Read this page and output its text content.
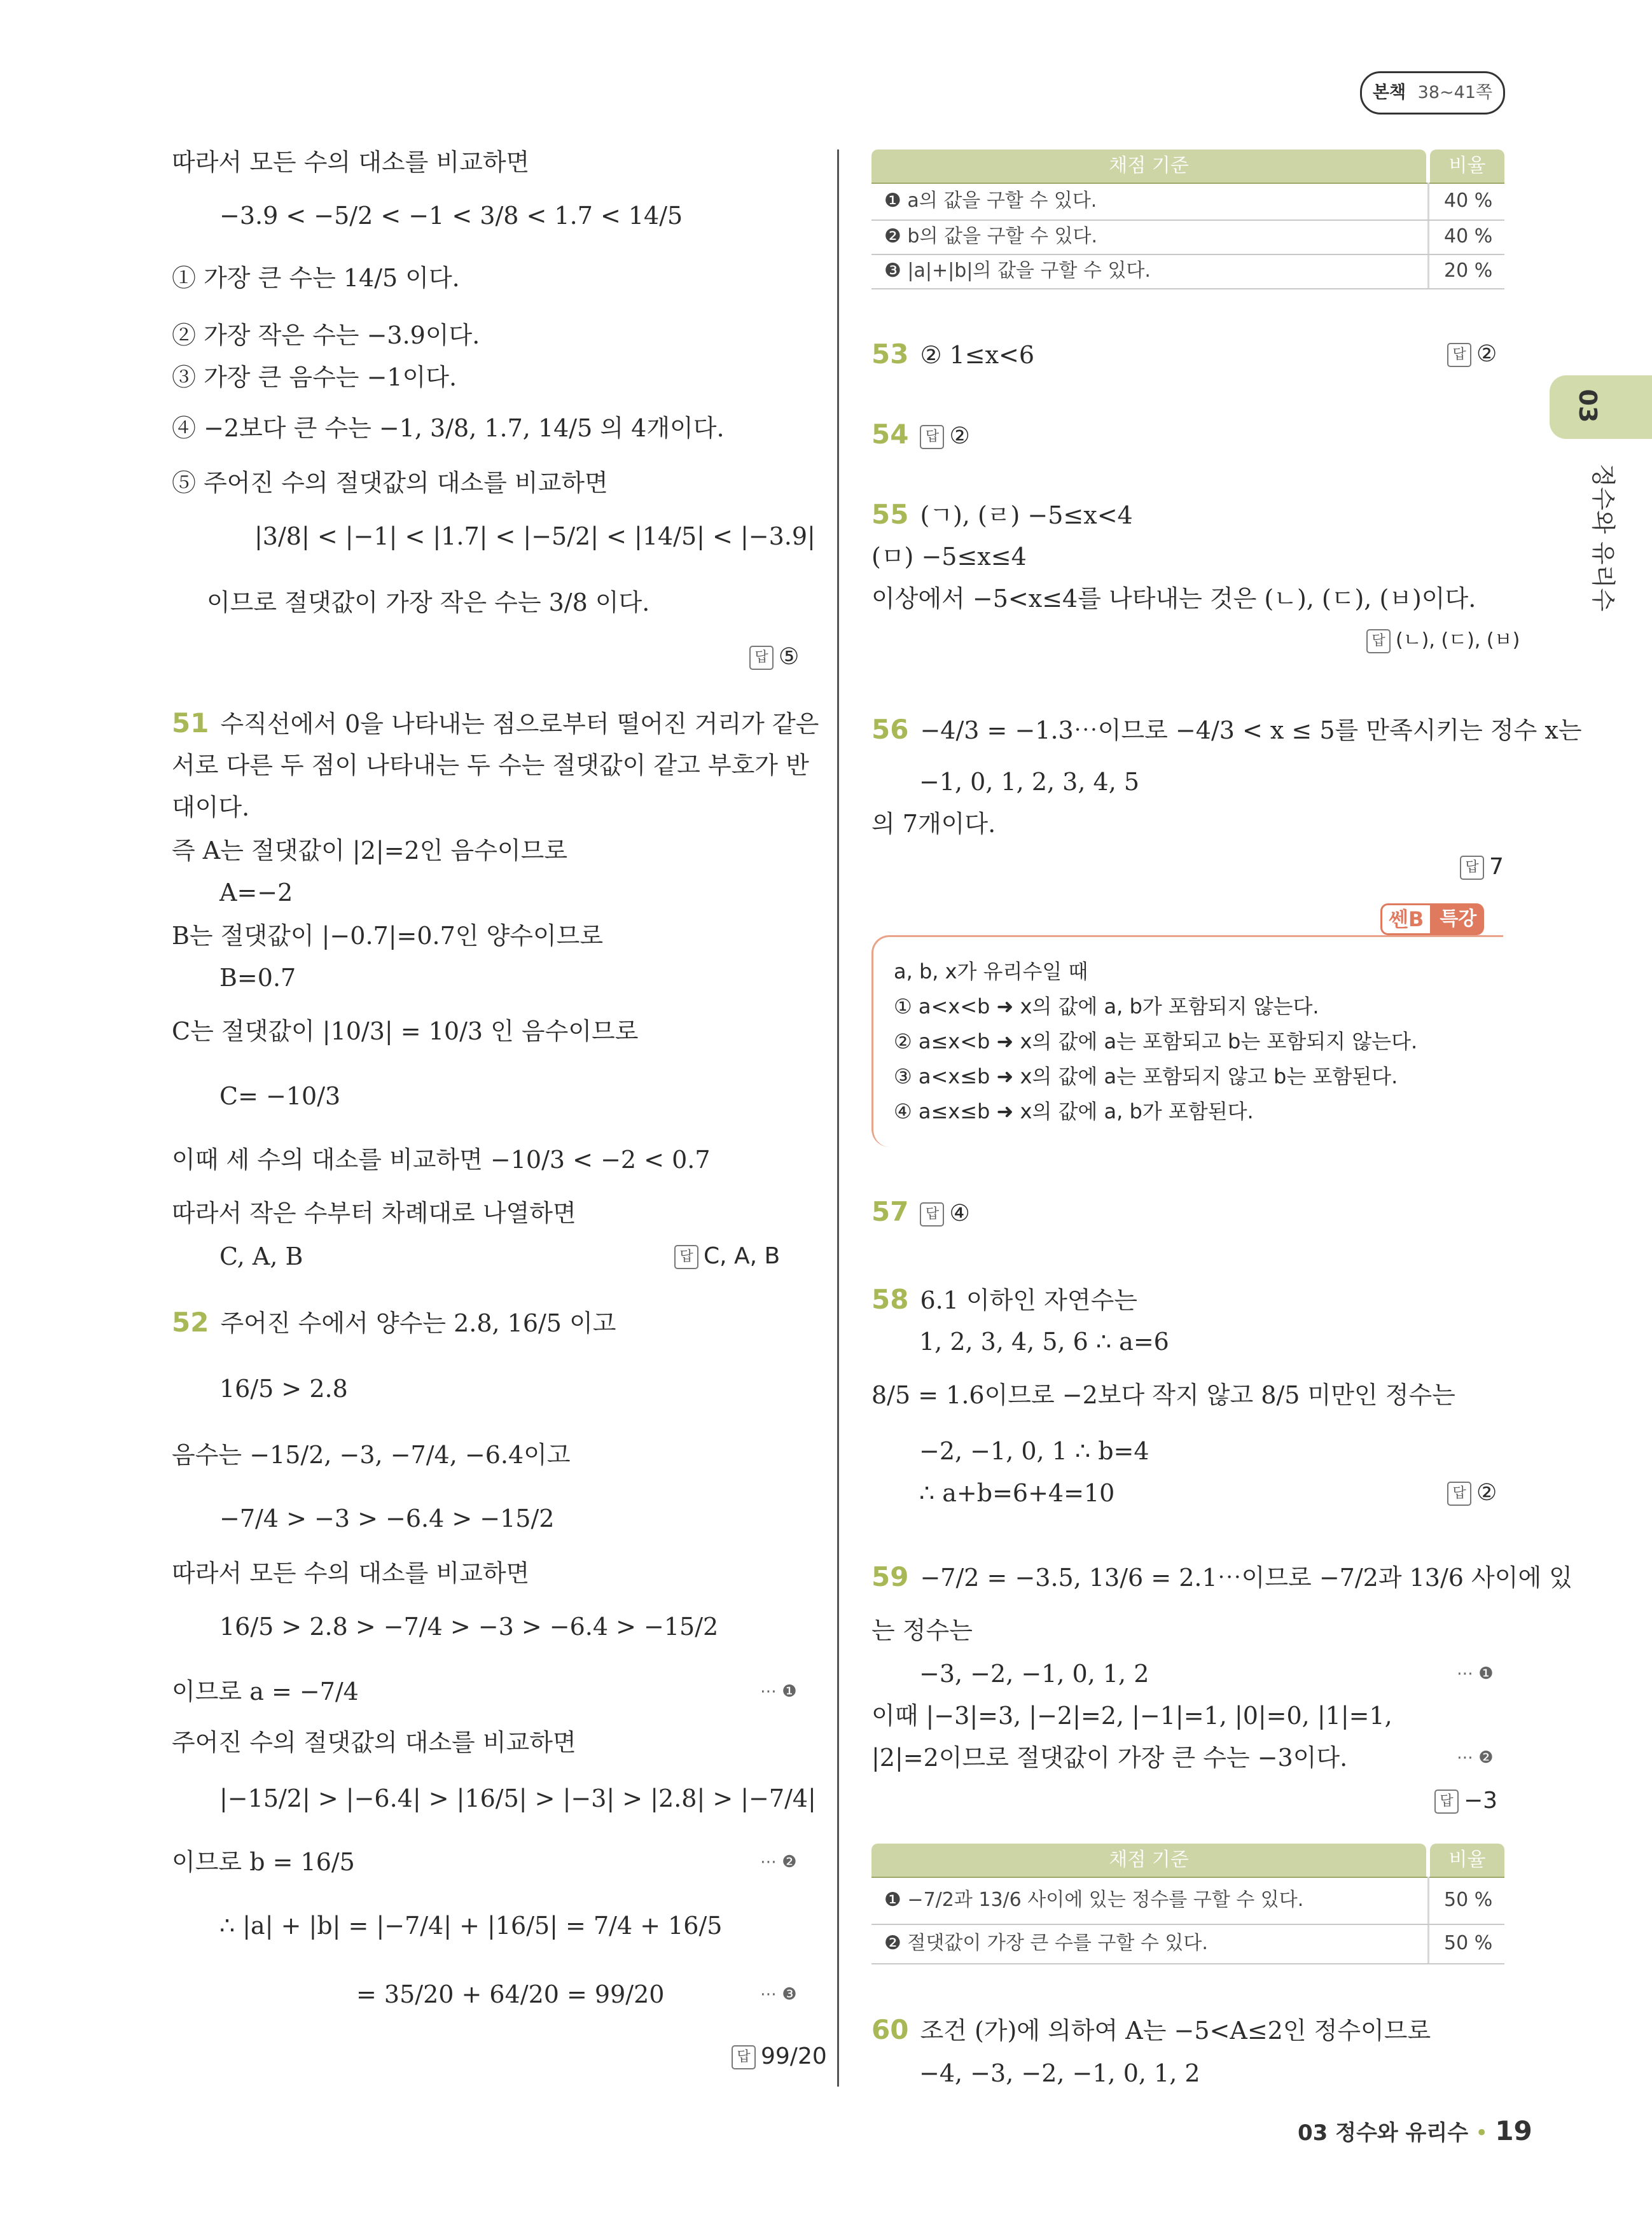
본책 38~41쪽
03
정수와 유리수
따라서 모든 수의 대소를 비교하면
−3.9 < −5/2 < −1 < 3/8 < 1.7 < 14/5
① 가장 큰 수는 14/5 이다.
② 가장 작은 수는 −3.9이다.
③ 가장 큰 음수는 −1이다.
④ −2보다 큰 수는 −1, 3/8, 1.7, 14/5 의 4개이다.
⑤ 주어진 수의 절댓값의 대소를 비교하면
|3/8| < |−1| < |1.7| < |−5/2| < |14/5| < |−3.9|
이므로 절댓값이 가장 작은 수는 3/8 이다.
답 ⑤
51 수직선에서 0을 나타내는 점으로부터 떨어진 거리가 같은
서로 다른 두 점이 나타내는 두 수는 절댓값이 같고 부호가 반
대이다.
즉 A는 절댓값이 |2|=2인 음수이므로
A=−2
B는 절댓값이 |−0.7|=0.7인 양수이므로
B=0.7
C는 절댓값이 |10/3| = 10/3 인 음수이므로
C= −10/3
이때 세 수의 대소를 비교하면 −10/3 < −2 < 0.7
따라서 작은 수부터 차례대로 나열하면
C, A, B	답 C, A, B
52 주어진 수에서 양수는 2.8, 16/5 이고
16/5 > 2.8
음수는 −15/2, −3, −7/4, −6.4이고
−7/4 > −3 > −6.4 > −15/2
따라서 모든 수의 대소를 비교하면
16/5 > 2.8 > −7/4 > −3 > −6.4 > −15/2
이므로 a = −7/4	⋯ ❶
주어진 수의 절댓값의 대소를 비교하면
|−15/2| > |−6.4| > |16/5| > |−3| > |2.8| > |−7/4|
이므로 b = 16/5	⋯ ❷
∴ |a| + |b| = |−7/4| + |16/5| = 7/4 + 16/5
= 35/20 + 64/20 = 99/20	⋯ ❸
답 99/20
채점 기준	비율
❶ a의 값을 구할 수 있다.	40 %
❷ b의 값을 구할 수 있다.	40 %
❸ |a|+|b|의 값을 구할 수 있다.	20 %
53 ② 1≤x<6	답 ②
54 답 ②
55 (ㄱ), (ㄹ) −5≤x<4
(ㅁ) −5≤x≤4
이상에서 −5<x≤4를 나타내는 것은 (ㄴ), (ㄷ), (ㅂ)이다.
답 (ㄴ), (ㄷ), (ㅂ)
56 −4/3 = −1.3⋯이므로 −4/3 < x ≤ 5를 만족시키는 정수 x는
−1, 0, 1, 2, 3, 4, 5
의 7개이다.
답 7
쎈B 특강
a, b, x가 유리수일 때
① a<x<b ➜ x의 값에 a, b가 포함되지 않는다.
② a≤x<b ➜ x의 값에 a는 포함되고 b는 포함되지 않는다.
③ a<x≤b ➜ x의 값에 a는 포함되지 않고 b는 포함된다.
④ a≤x≤b ➜ x의 값에 a, b가 포함된다.
57 답 ④
58 6.1 이하인 자연수는
1, 2, 3, 4, 5, 6 ∴ a=6
8/5 = 1.6이므로 −2보다 작지 않고 8/5 미만인 정수는
−2, −1, 0, 1 ∴ b=4
∴ a+b=6+4=10	답 ②
59 −7/2 = −3.5, 13/6 = 2.1⋯이므로 −7/2과 13/6 사이에 있
는 정수는
−3, −2, −1, 0, 1, 2	⋯ ❶
이때 |−3|=3, |−2|=2, |−1|=1, |0|=0, |1|=1,
|2|=2이므로 절댓값이 가장 큰 수는 −3이다.	⋯ ❷
답 −3
채점 기준	비율
❶ −7/2과 13/6 사이에 있는 정수를 구할 수 있다.	50 %
❷ 절댓값이 가장 큰 수를 구할 수 있다.	50 %
60 조건 (가)에 의하여 A는 −5<A≤2인 정수이므로
−4, −3, −2, −1, 0, 1, 2
03 정수와 유리수 • 19
